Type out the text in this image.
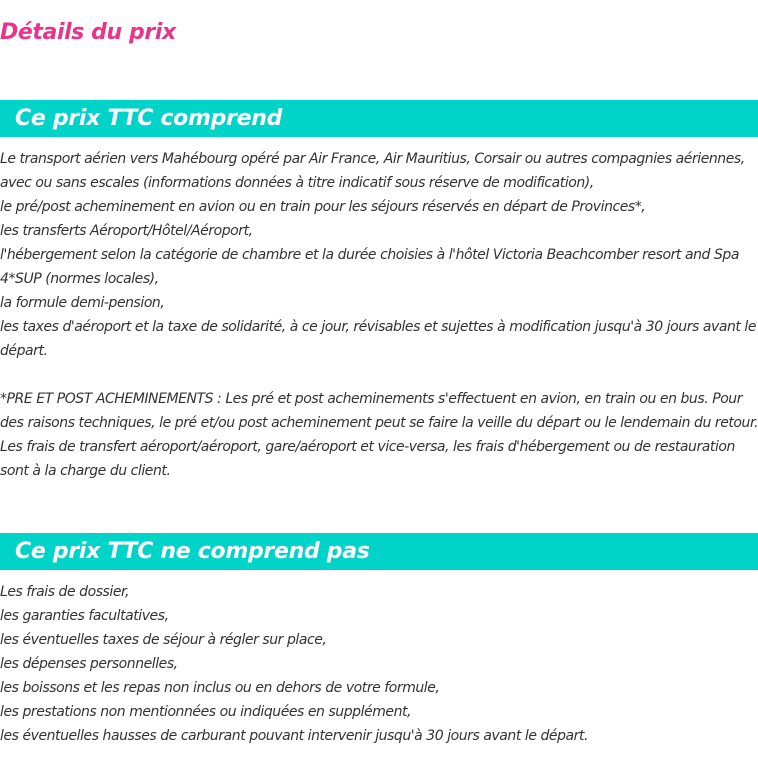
Détails du prix
Ce prix TTC comprend

Le transport aérien vers Mahébourg opéré par Air France, Air Mauritius, Corsair ou autres compagnies aériennes, avec ou sans escales (informations données à titre indicatif sous réserve de modification),

le pré/post acheminement en avion ou en train pour les séjours réservés en départ de Provinces*,

les transferts Aéroport/Hôtel/Aéroport,

l'hébergement selon la catégorie de chambre et la durée choisies à l'hôtel Victoria Beachcomber resort and Spa 4*SUP (normes locales),

la formule demi-pension,

les taxes d'aéroport et la taxe de solidarité, à ce jour, révisables et sujettes à modification jusqu'à 30 jours avant le départ.

*PRE ET POST ACHEMINEMENTS : Les pré et post acheminements s'effectuent en avion, en train ou en bus. Pour des raisons techniques, le pré et/ou post acheminement peut se faire la veille du départ ou le lendemain du retour. Les frais de transfert aéroport/aéroport, gare/aéroport et vice-versa, les frais d'hébergement ou de restauration sont à la charge du client.

Ce prix TTC ne comprend pas

Les frais de dossier,

les garanties facultatives,

les éventuelles taxes de séjour à régler sur place,

les dépenses personnelles,

les boissons et les repas non inclus ou en dehors de votre formule,

les prestations non mentionnées ou indiquées en supplément,

les éventuelles hausses de carburant pouvant intervenir jusqu'à 30 jours avant le départ.
